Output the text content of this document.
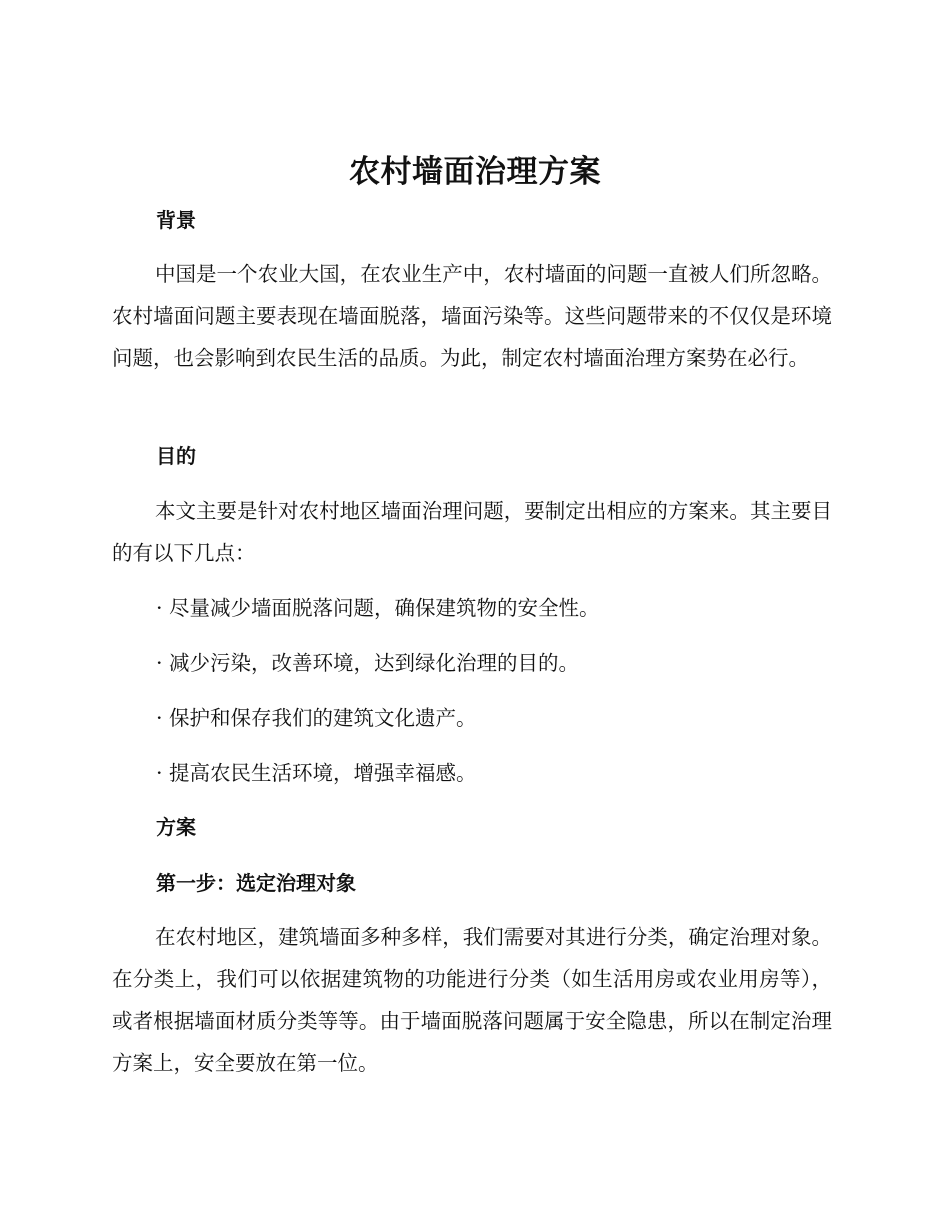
农村墙面治理方案
背景

中国是一个农业大国，在农业生产中，农村墙面的问题一直被人们所忽略。农村墙面问题主要表现在墙面脱落，墙面污染等。这些问题带来的不仅仅是环境问题，也会影响到农民生活的品质。为此，制定农村墙面治理方案势在必行。

目的

本文主要是针对农村地区墙面治理问题，要制定出相应的方案来。其主要目的有以下几点：

· 尽量减少墙面脱落问题，确保建筑物的安全性。

· 减少污染，改善环境，达到绿化治理的目的。

· 保护和保存我们的建筑文化遗产。

· 提高农民生活环境，增强幸福感。

方案
第一步：选定治理对象

在农村地区，建筑墙面多种多样，我们需要对其进行分类，确定治理对象。在分类上，我们可以依据建筑物的功能进行分类（如生活用房或农业用房等），或者根据墙面材质分类等等。由于墙面脱落问题属于安全隐患，所以在制定治理方案上，安全要放在第一位。
